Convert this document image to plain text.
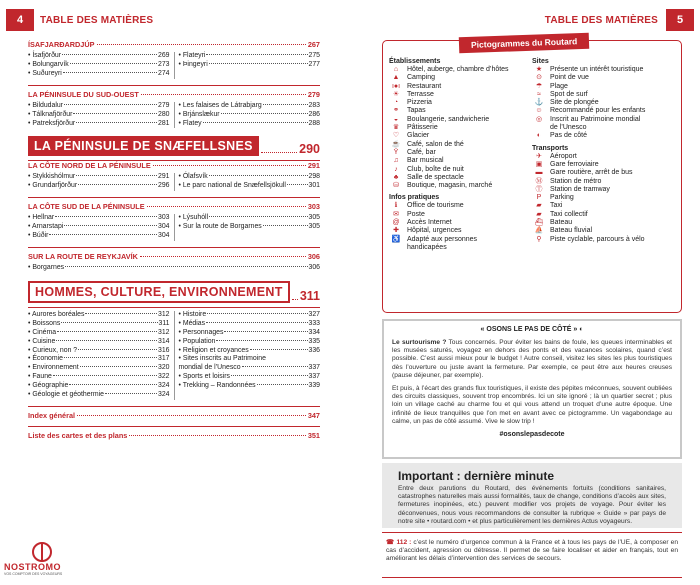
4	TABLE DES MATIÈRES	TABLE DES MATIÈRES	5
ÍSAFJARÐARDJÚP	267
• Ísafjörður	269
• Bolungarvík	273
• Suðureyri	274
• Flateyri	275
• Þingeyri	277
LA PÉNINSULE DU SUD-OUEST	279
• Bildudalur	279
• Tálknafjörður	280
• Patreksfjörður	281
• Les falaises de Látrabjarg	283
• Brjánslækur	286
• Flatey	288
LA PÉNINSULE DE SNÆFELLSNES	290
LA CÔTE NORD DE LA PÉNINSULE	291
• Stykkishólmur	291
• Grundarfjörður	296
• Ólafsvík	298
• Le parc national de Snæfellsjökull	301
LA CÔTE SUD DE LA PÉNINSULE	303
• Hellnar	303
• Arnarstapi	304
• Búðir	304
• Lýsuhóll	305
• Sur la route de Borgarnes	305
SUR LA ROUTE DE REYKJAVÍK	306
• Borgarnes	306
HOMMES, CULTURE, ENVIRONNEMENT	311
• Aurores boréales	312
• Boissons	311
• Cinéma	312
• Cuisine	314
• Curieux, non ?	316
• Économie	317
• Environnement	320
• Faune	322
• Géographie	324
• Géologie et géothermie	324
• Histoire	327
• Médias	333
• Personnages	334
• Population	335
• Religion et croyances	336
• Sites inscrits au Patrimoine
mondial de l’Unesco	337
• Sports et loisirs	337
• Trekking – Randonnées	339
Index général	347
Liste des cartes et des plans	351
Pictogrammes du Routard
Établissements
⌂	Hôtel, auberge, chambre d’hôtes
▲	Camping
ı●ı Restaurant
☀	Terrasse
◔	Pizzeria
⚭	Tapas
◒	Boulangerie, sandwicherie
♛	Pâtisserie
♡	Glacier
☕ Café, salon de thé
Ÿ	Café, bar
♫	Bar musical
♪	Club, boîte de nuit
♣	Salle de spectacle
⛁	Boutique, magasin, marché
Infos pratiques
ℹ	Office de tourisme
✉	Poste
@	Accès Internet
✚	Hôpital, urgences
♿ Adapté aux personnes
handicapées
Sites
★	Présente un intérêt touristique
⊙	Point de vue
☂	Plage
≈	Spot de surf
⚓ Site de plongée
☺	Recommandé pour les enfants
◎	Inscrit au Patrimoine mondial
de l’Unesco
◐	Pas de côté
Transports
✈	Aéroport
▣	Gare ferroviaire
▬	Gare routière, arrêt de bus
Ⓜ	Station de métro
Ⓣ	Station de tramway
P	Parking
▰	Taxi
▰	Taxi collectif
⛴ Bateau
⛵ Bateau fluvial
⚲	Piste cyclable, parcours à vélo
« OSONS LE PAS DE CÔTÉ » ◐
Le surtourisme ? Tous concernés. Pour éviter les bains de foule, les queues interminables et les musées saturés, voyagez en dehors des ponts et des vacances scolaires, quand c’est possible. C’est aussi mieux pour le budget ! Autre conseil, visitez les sites les plus touristiques dès l’ouverture ou juste avant la fermeture. Par exemple, ce peut être aux heures creuses (pause déjeuner, par exemple).
Et puis, à l’écart des grands flux touristiques, il existe des pépites méconnues, souvent oubliées des circuits classiques, souvent trop encombrés. Ici un site ignoré ; là un quartier secret ; plus loin un village caché au charme fou et qui vous attend un troquet d’une autre époque. Une infinité de lieux tranquilles que l’on met en avant avec ce pictogramme. Un vagabondage au calme, un pas de côté assumé. Vive le slow trip !
#osonslepasdecote
Important : dernière minute
Entre deux parutions du Routard, des événements fortuits (conditions sanitaires, catastrophes naturelles mais aussi formalités, taux de change, conditions d’accès aux sites, fermetures inopinées, etc.) peuvent modifier vos projets de voyage. Pour éviter les déconvenues, nous vous recommandons de consulter la rubrique « Guide » par pays de notre site • routard.com • et plus particulièrement les dernières Actus voyageurs.
☎ 112 : c’est le numéro d’urgence commun à la France et à tous les pays de l’UE, à composer en cas d’accident, agression ou détresse. Il permet de se faire localiser et aider en français, tout en améliorant les délais d’intervention des services de secours.
NOSTROMO
VOS COMPTOIR DES VOYAGEURS
